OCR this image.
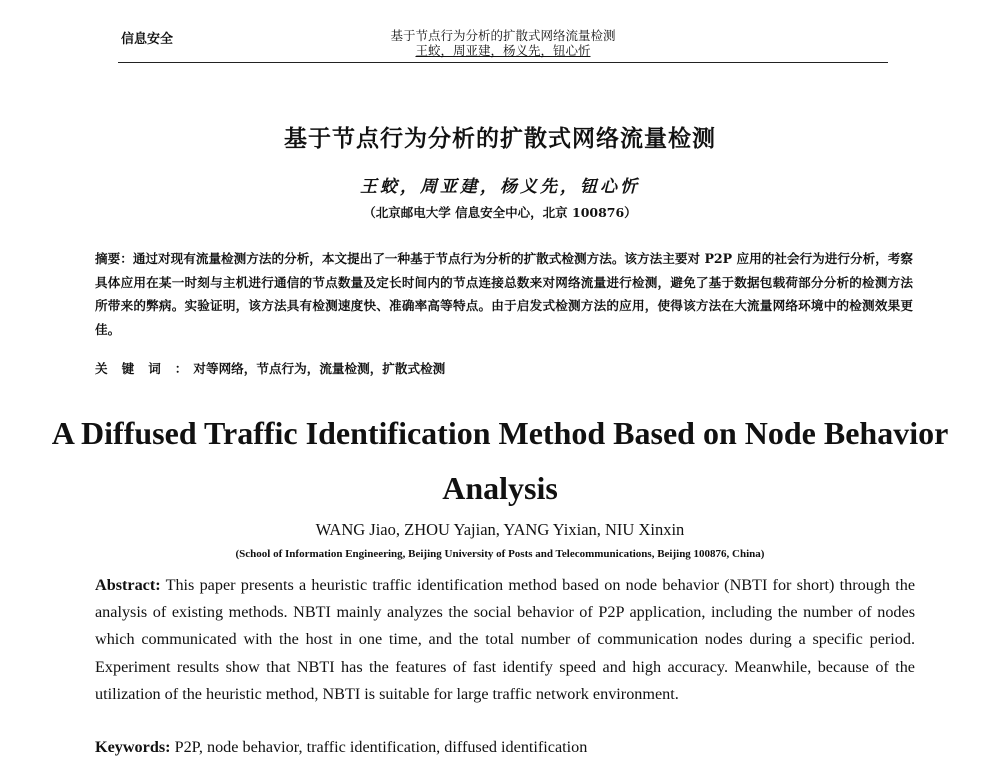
信息安全	基于节点行为分析的扩散式网络流量检测
王蛟，周亚建，杨义先，钮心忻
基于节点行为分析的扩散式网络流量检测
王蛟，周亚建，杨义先，钮心忻
（北京邮电大学 信息安全中心，北京 100876）
摘要：通过对现有流量检测方法的分析，本文提出了一种基于节点行为分析的扩散式检测方法。该方法主要对 P2P 应用的社会行为进行分析，考察具体应用在某一时刻与主机进行通信的节点数量及定长时间内的节点连接总数来对网络流量进行检测，避免了基于数据包载荷部分分析的检测方法所带来的弊病。实验证明，该方法具有检测速度快、准确率高等特点。由于启发式检测方法的应用，使得该方法在大流量网络环境中的检测效果更佳。
关键词：对等网络，节点行为，流量检测，扩散式检测
A Diffused Traffic Identification Method Based on Node Behavior Analysis
WANG Jiao, ZHOU Yajian, YANG Yixian, NIU Xinxin
(School of Information Engineering, Beijing University of Posts and Telecommunications, Beijing 100876, China)
Abstract: This paper presents a heuristic traffic identification method based on node behavior (NBTI for short) through the analysis of existing methods. NBTI mainly analyzes the social behavior of P2P application, including the number of nodes which communicated with the host in one time, and the total number of communication nodes during a specific period. Experiment results show that NBTI has the features of fast identify speed and high accuracy. Meanwhile, because of the utilization of the heuristic method, NBTI is suitable for large traffic network environment.
Keywords: P2P, node behavior, traffic identification, diffused identification
